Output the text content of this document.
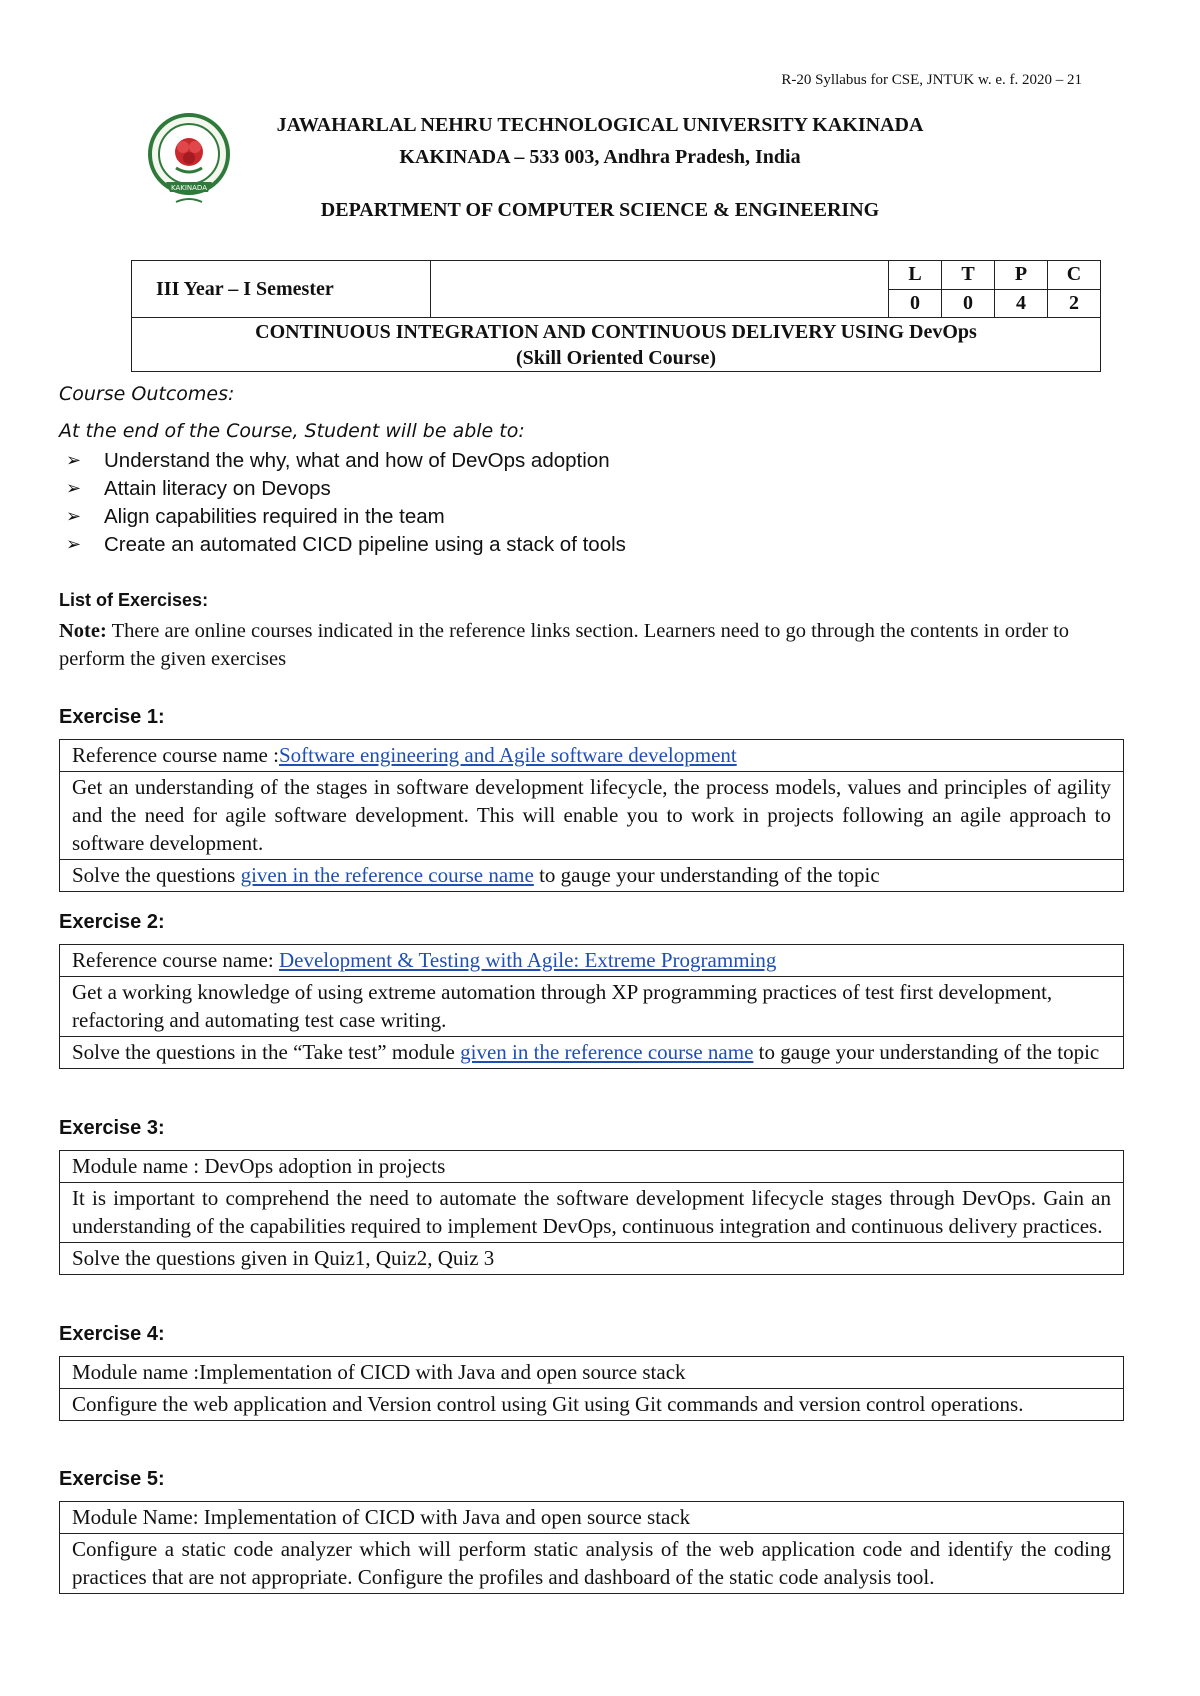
R-20 Syllabus for CSE, JNTUK w. e. f. 2020 – 21
KAKINADA
JAWAHARLAL NEHRU TECHNOLOGICAL UNIVERSITY KAKINADA
KAKINADA – 533 003, Andhra Pradesh, India
DEPARTMENT OF COMPUTER SCIENCE & ENGINEERING
III Year – I Semester		L	T	P	C
		0	0	4	2

CONTINUOUS INTEGRATION AND CONTINUOUS DELIVERY USING DevOps
(Skill Oriented Course)					
Course Outcomes:
At the end of the Course, Student will be able to:
➢	Understand the why, what and how of DevOps adoption
➢	Attain literacy on Devops
➢	Align capabilities required in the team
➢	Create an automated CICD pipeline using a stack of tools
List of Exercises:
Note: There are online courses indicated in the reference links section. Learners need to go through the contents in order to perform the given exercises
Exercise 1:
Reference course name :Software engineering and Agile software development
Get an understanding of the stages in software development lifecycle, the process models, values and principles of agility and the need for agile software development. This will enable you to work in projects following an agile approach to software development.
Solve the questions given in the reference course name to gauge your understanding of the topic
Exercise 2:
Reference course name: Development & Testing with Agile: Extreme Programming
Get a working knowledge of using extreme automation through XP programming practices of test first development, refactoring and automating test case writing.
Solve the questions in the “Take test” module given in the reference course name to gauge your understanding of the topic
Exercise 3:
Module name : DevOps adoption in projects
It is important to comprehend the need to automate the software development lifecycle stages through DevOps. Gain an understanding of the capabilities required to implement DevOps, continuous integration and continuous delivery practices.
Solve the questions given in Quiz1, Quiz2, Quiz 3
Exercise 4:
Module name :Implementation of CICD with Java and open source stack
Configure the web application and Version control using Git using Git commands and version control operations.
Exercise 5:
Module Name: Implementation of CICD with Java and open source stack
Configure a static code analyzer which will perform static analysis of the web application code and identify the coding practices that are not appropriate. Configure the profiles and dashboard of the static code analysis tool.
